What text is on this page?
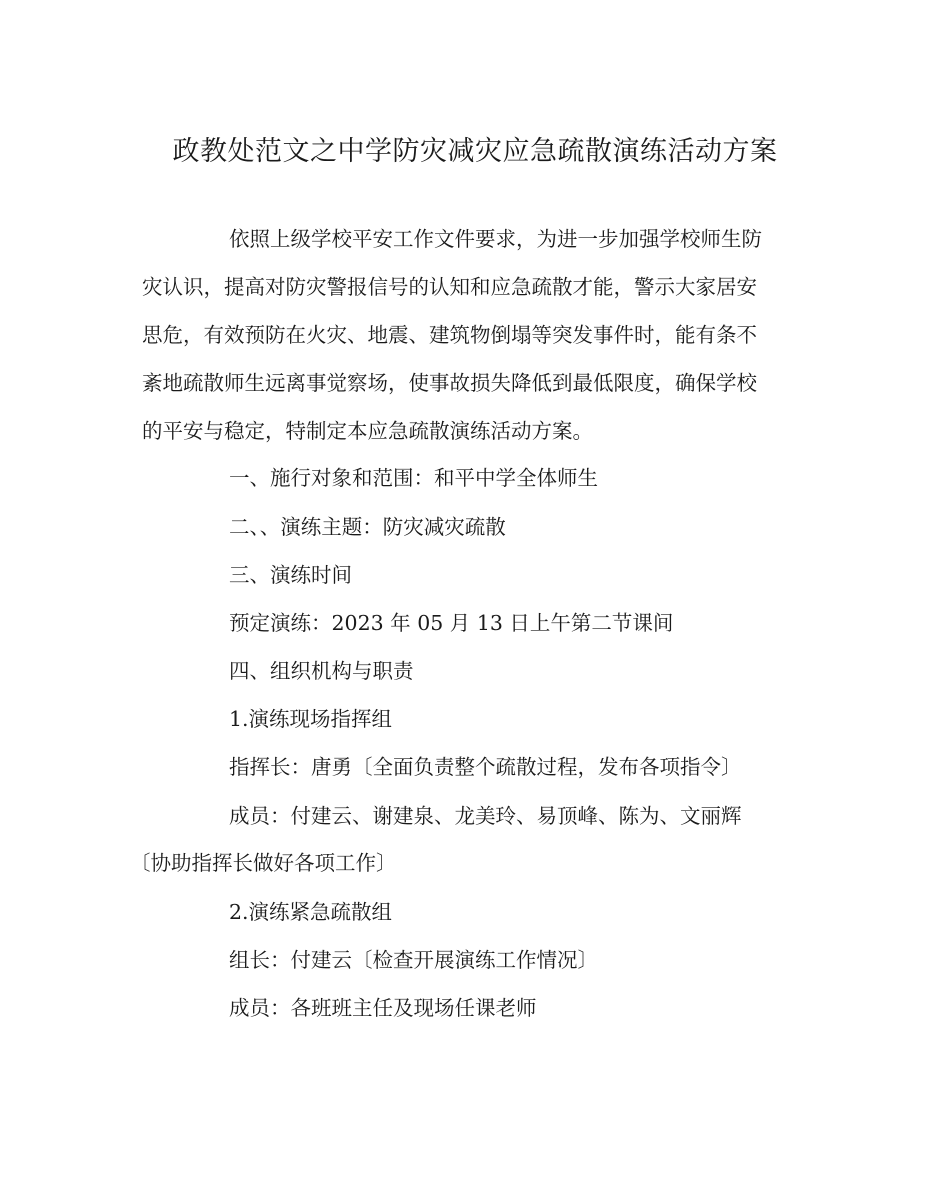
政教处范文之中学防灾减灾应急疏散演练活动方案
依照上级学校平安工作文件要求，为进一步加强学校师生防
灾认识，提高对防灾警报信号的认知和应急疏散才能，警示大家居安
思危，有效预防在火灾、地震、建筑物倒塌等突发事件时，能有条不
紊地疏散师生远离事觉察场，使事故损失降低到最低限度，确保学校
的平安与稳定，特制定本应急疏散演练活动方案。
一、施行对象和范围：和平中学全体师生
二、、演练主题：防灾减灾疏散
三、演练时间
预定演练：2023 年 05 月 13 日上午第二节课间
四、组织机构与职责
1.演练现场指挥组
指挥长：唐勇〔全面负责整个疏散过程，发布各项指令〕
成员：付建云、谢建泉、龙美玲、易顶峰、陈为、文丽辉
〔协助指挥长做好各项工作〕
2.演练紧急疏散组
组长：付建云〔检查开展演练工作情况〕
成员：各班班主任及现场任课老师
